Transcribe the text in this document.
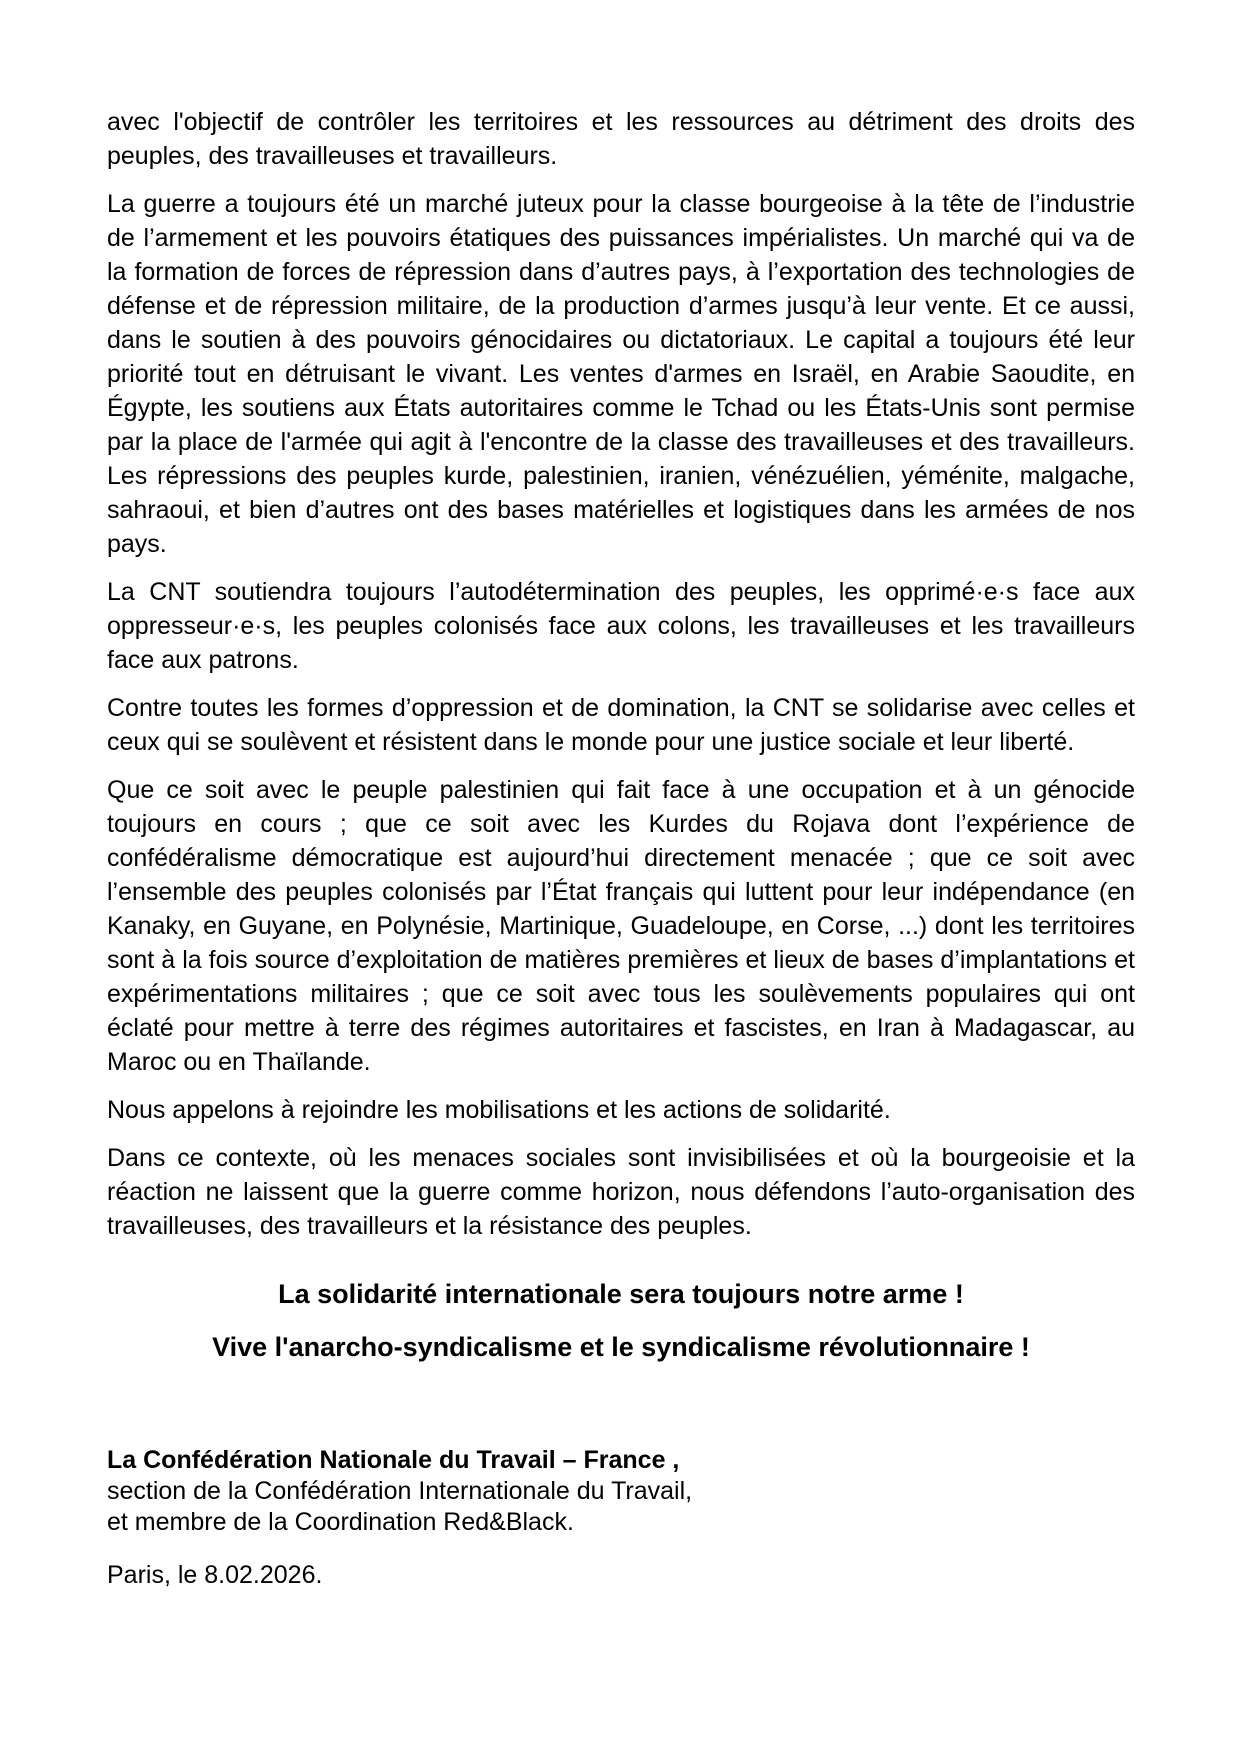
avec l'objectif de contrôler les territoires et les ressources au détriment des droits des peuples, des travailleuses et travailleurs.

La guerre a toujours été un marché juteux pour la classe bourgeoise à la tête de l’industrie de l’armement et les pouvoirs étatiques des puissances impérialistes. Un marché qui va de la formation de forces de répression dans d’autres pays, à l’exportation des technologies de défense et de répression militaire, de la production d’armes jusqu’à leur vente. Et ce aussi, dans le soutien à des pouvoirs génocidaires ou dictatoriaux. Le capital a toujours été leur priorité tout en détruisant le vivant. Les ventes d'armes en Israël, en Arabie Saoudite, en Égypte, les soutiens aux États autoritaires comme le Tchad ou les États-Unis sont permise par la place de l'armée qui agit à l'encontre de la classe des travailleuses et des travailleurs. Les répressions des peuples kurde, palestinien, iranien, vénézuélien, yéménite, malgache, sahraoui, et bien d’autres ont des bases matérielles et logistiques dans les armées de nos pays.

La CNT soutiendra toujours l’autodétermination des peuples, les opprimé·e·s face aux oppresseur·e·s, les peuples colonisés face aux colons, les travailleuses et les travailleurs face aux patrons.

Contre toutes les formes d’oppression et de domination, la CNT se solidarise avec celles et ceux qui se soulèvent et résistent dans le monde pour une justice sociale et leur liberté.

Que ce soit avec le peuple palestinien qui fait face à une occupation et à un génocide toujours en cours ; que ce soit avec les Kurdes du Rojava dont l’expérience de confédéralisme démocratique est aujourd’hui directement menacée ; que ce soit avec l’ensemble des peuples colonisés par l’État français qui luttent pour leur indépendance (en Kanaky, en Guyane, en Polynésie, Martinique, Guadeloupe, en Corse, ...) dont les territoires sont à la fois source d’exploitation de matières premières et lieux de bases d’implantations et expérimentations militaires ; que ce soit avec tous les soulèvements populaires qui ont éclaté pour mettre à terre des régimes autoritaires et fascistes, en Iran à Madagascar, au Maroc ou en Thaïlande.

Nous appelons à rejoindre les mobilisations et les actions de solidarité.

Dans ce contexte, où les menaces sociales sont invisibilisées et où la bourgeoisie et la réaction ne laissent que la guerre comme horizon, nous défendons l’auto-organisation des travailleuses, des travailleurs et la résistance des peuples.

La solidarité internationale sera toujours notre arme !

Vive l'anarcho-syndicalisme et le syndicalisme révolutionnaire !

La Confédération Nationale du Travail – France ,
section de la Confédération Internationale du Travail,
et membre de la Coordination Red&Black.

Paris, le 8.02.2026.
